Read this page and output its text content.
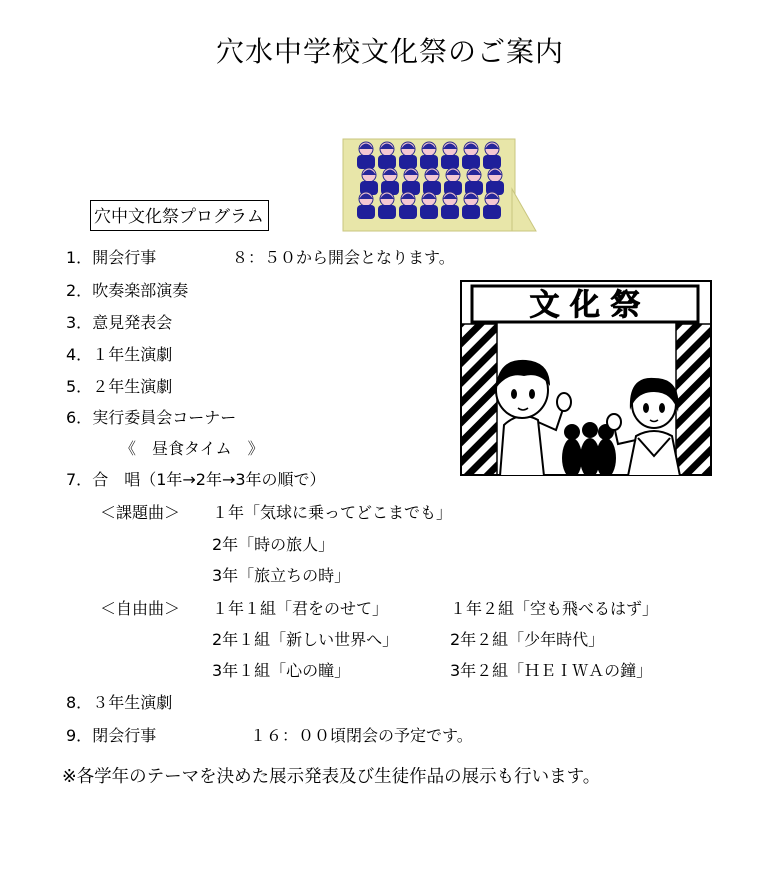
穴水中学校文化祭のご案内
穴中文化祭プログラム
文 化 祭
1．開会行事	８：５０から開会となります。
2．吹奏楽部演奏
3．意見発表会
4．１年生演劇
5．２年生演劇
6．実行委員会コーナー
《　昼食タイム　》
7．合　唱（1年→2年→3年の順で）
＜課題曲＞ １年「気球に乗ってどこまでも」
2年「時の旅人」
3年「旅立ちの時」
＜自由曲＞ １年１組「君をのせて」	１年２組「空も飛べるはず」
2年１組「新しい世界へ」	2年２組「少年時代」
3年１組「心の瞳」	3年２組「ＨＥＩＷＡの鐘」
8．３年生演劇
9．閉会行事	１６：００頃閉会の予定です。
※各学年のテーマを決めた展示発表及び生徒作品の展示も行います。
